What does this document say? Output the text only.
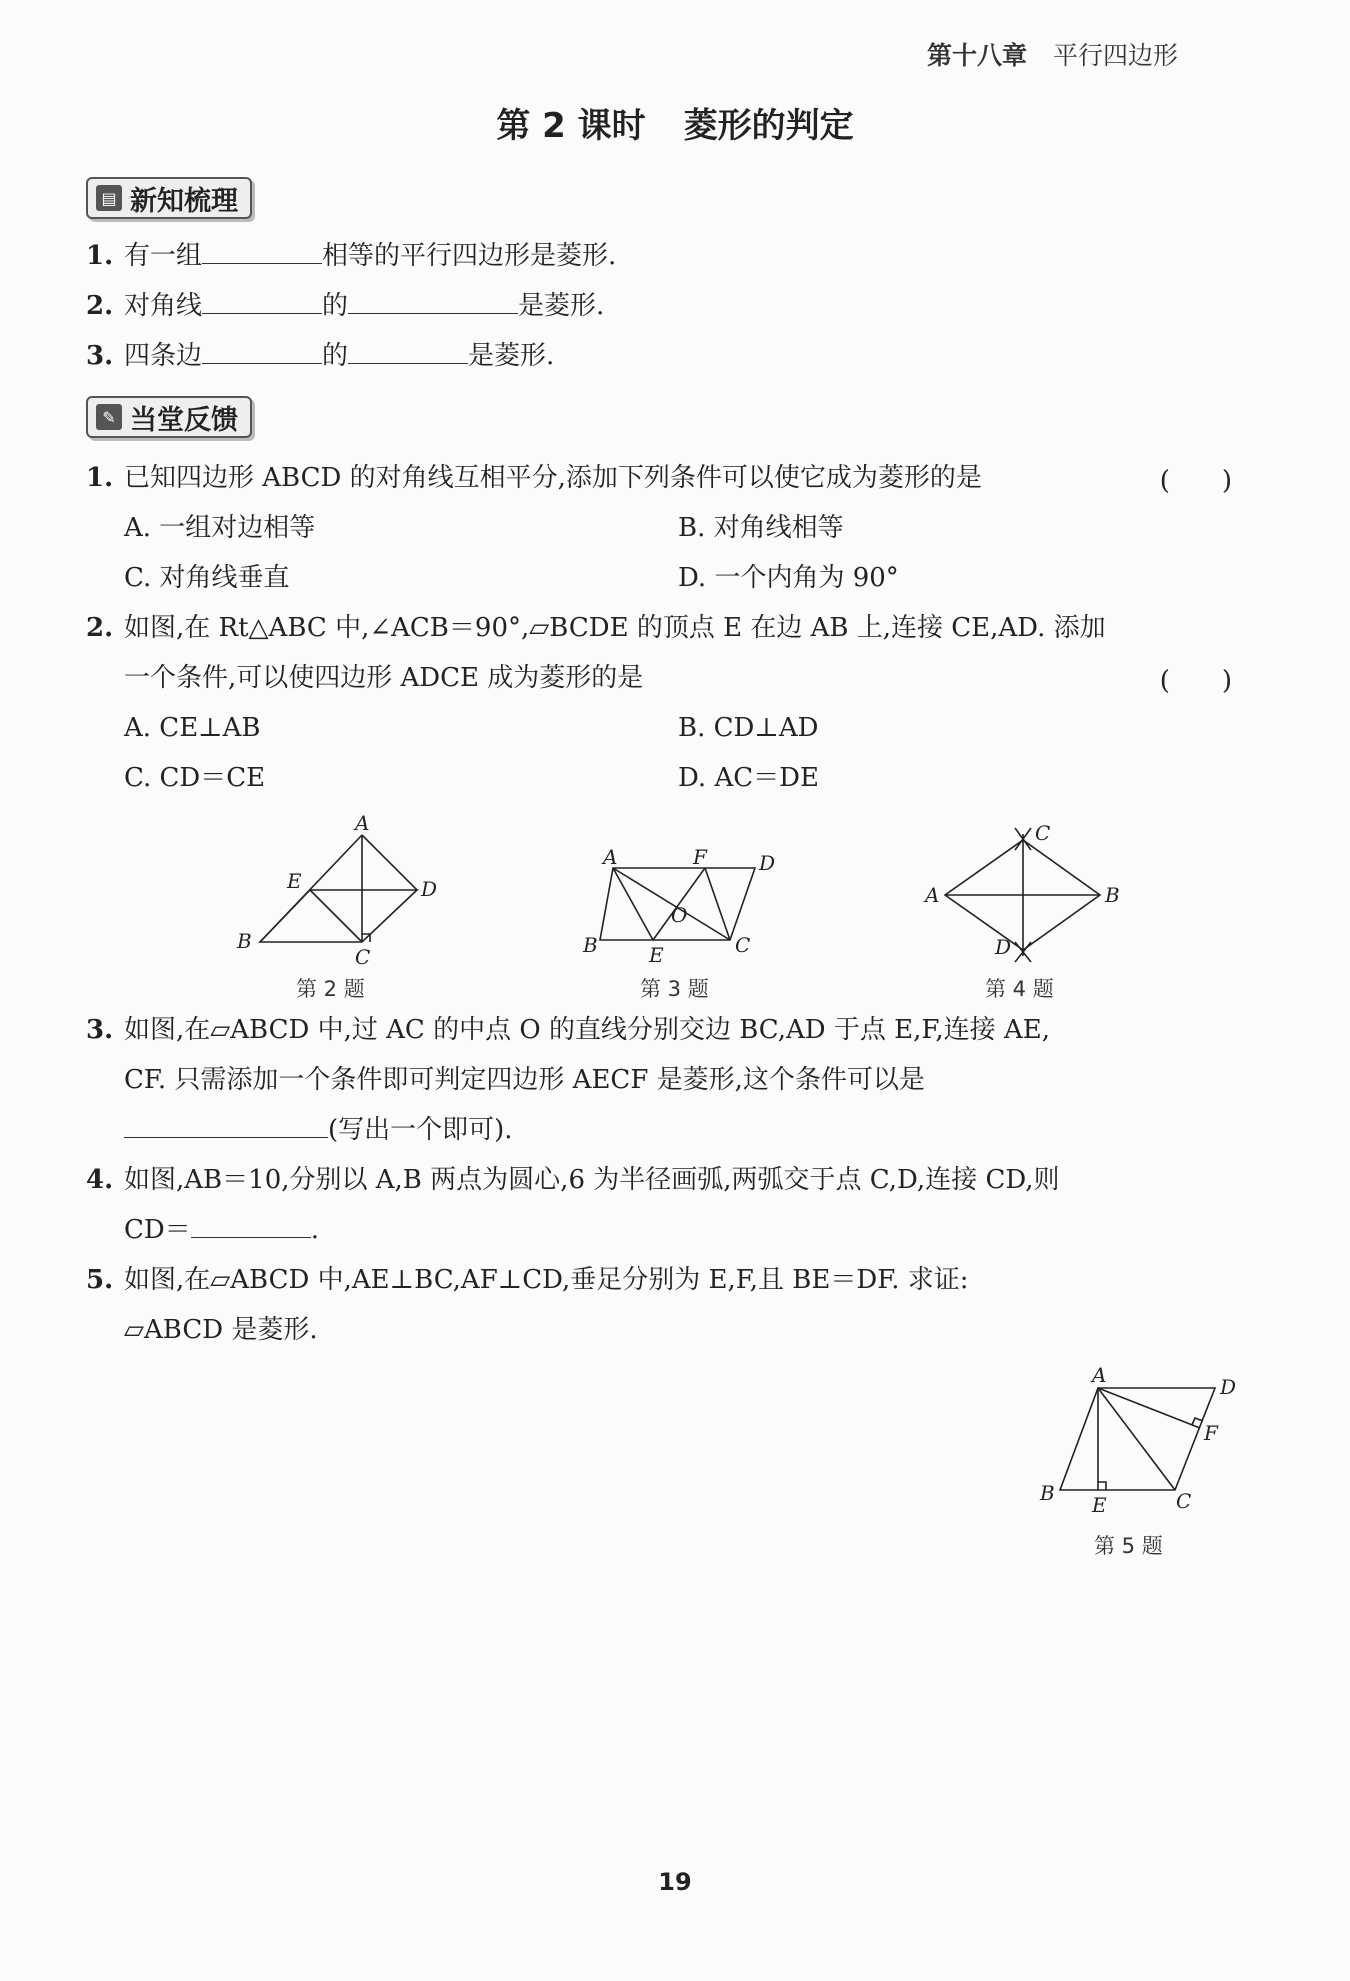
第十八章 平行四边形
第 2 课时 菱形的判定
▤ 新知梳理
1. 有一组	相等的平行四边形是菱形.
2. 对角线	的	是菱形.
3. 四条边	的	是菱形.
✎ 当堂反馈
1. 已知四边形 ABCD 的对角线互相平分,添加下列条件可以使它成为菱形的是	(　　)
A. 一组对边相等	B. 对角线相等
C. 对角线垂直	D. 一个内角为 90°
2. 如图,在 Rt△ABC 中,∠ACB＝90°,▱BCDE 的顶点 E 在边 AB 上,连接 CE,AD. 添加
一个条件,可以使四边形 ADCE 成为菱形的是	(　　)
A. CE⊥AB	B. CD⊥AD
C. CD＝CE	D. AC＝DE
A
E	D
B
C
第 2 题
A	F	D
O
B	E	C
第 3 题
A	B
C
D
第 4 题
3. 如图,在▱ABCD 中,过 AC 的中点 O 的直线分别交边 BC,AD 于点 E,F,连接 AE,
CF. 只需添加一个条件即可判定四边形 AECF 是菱形,这个条件可以是
(写出一个即可).
4. 如图,AB＝10,分别以 A,B 两点为圆心,6 为半径画弧,两弧交于点 C,D,连接 CD,则
CD＝	.
5. 如图,在▱ABCD 中,AE⊥BC,AF⊥CD,垂足分别为 E,F,且 BE＝DF. 求证:
▱ABCD 是菱形.
A	D
F
B E	C
第 5 题
19
